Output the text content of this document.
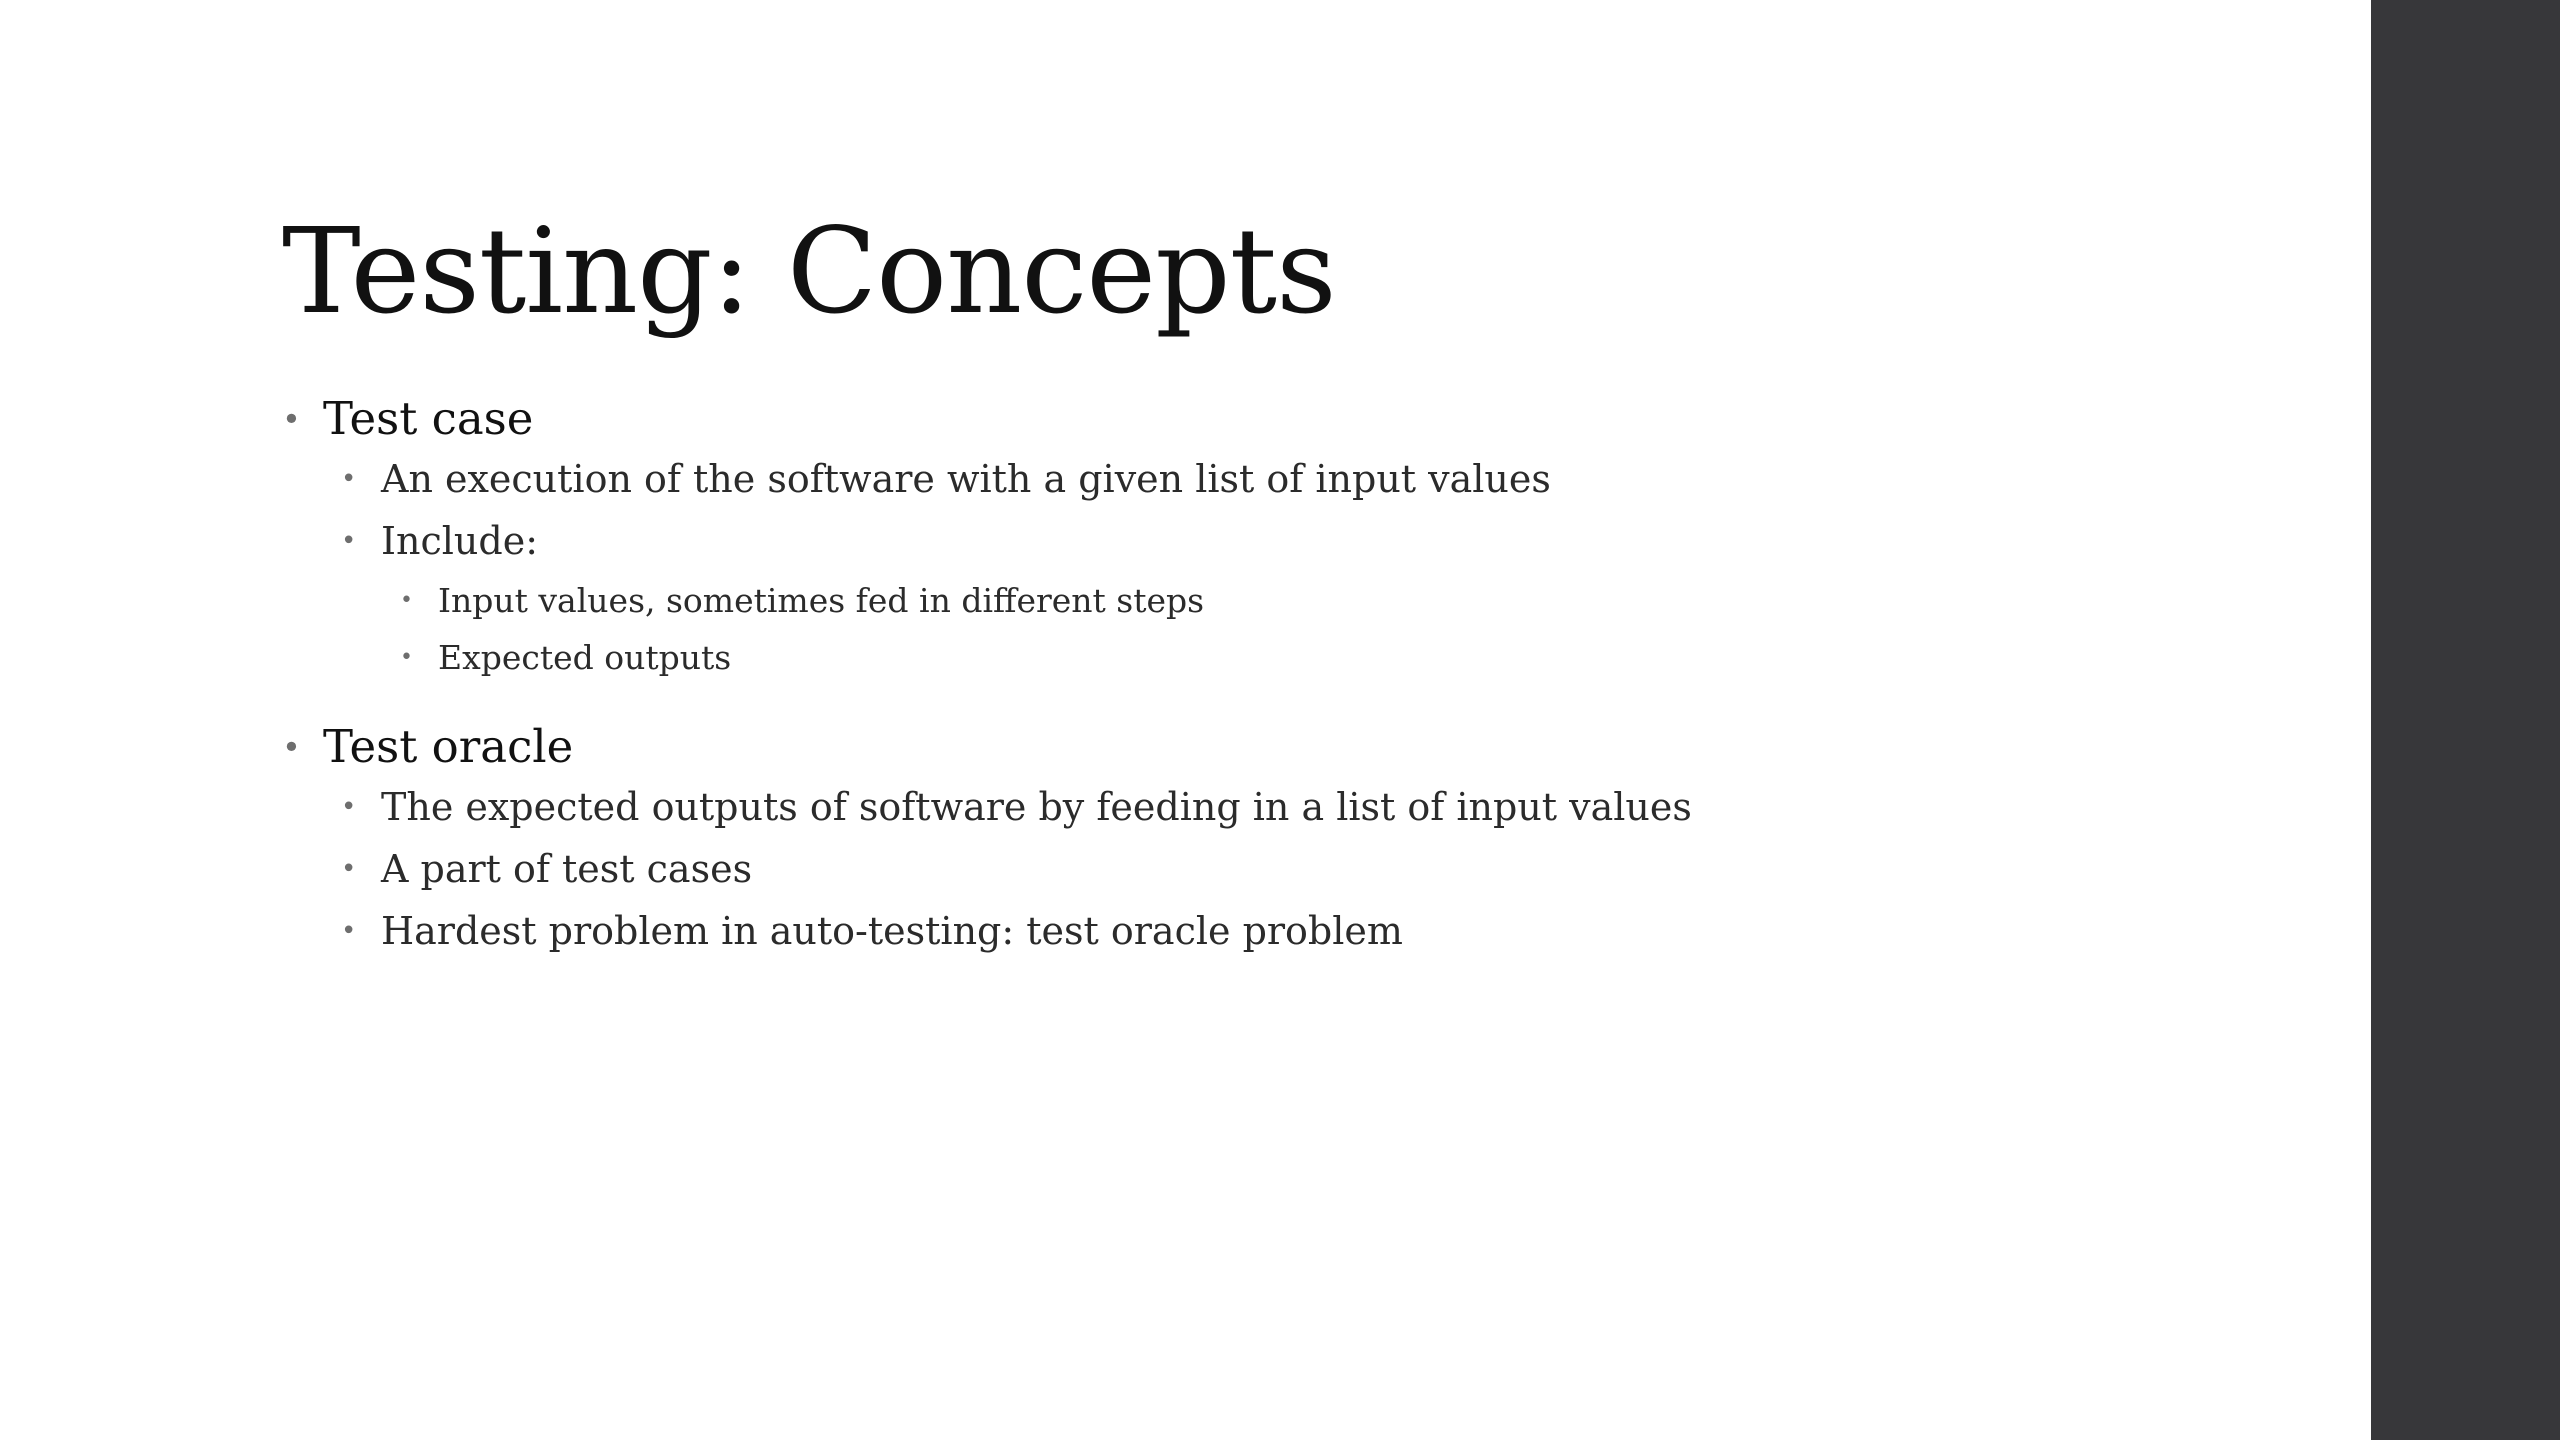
Testing: Concepts
• Test case
• An execution of the software with a given list of input values
• Include:
• Input values, sometimes fed in different steps
• Expected outputs
• Test oracle
• The expected outputs of software by feeding in a list of input values
• A part of test cases
• Hardest problem in auto-testing: test oracle problem
